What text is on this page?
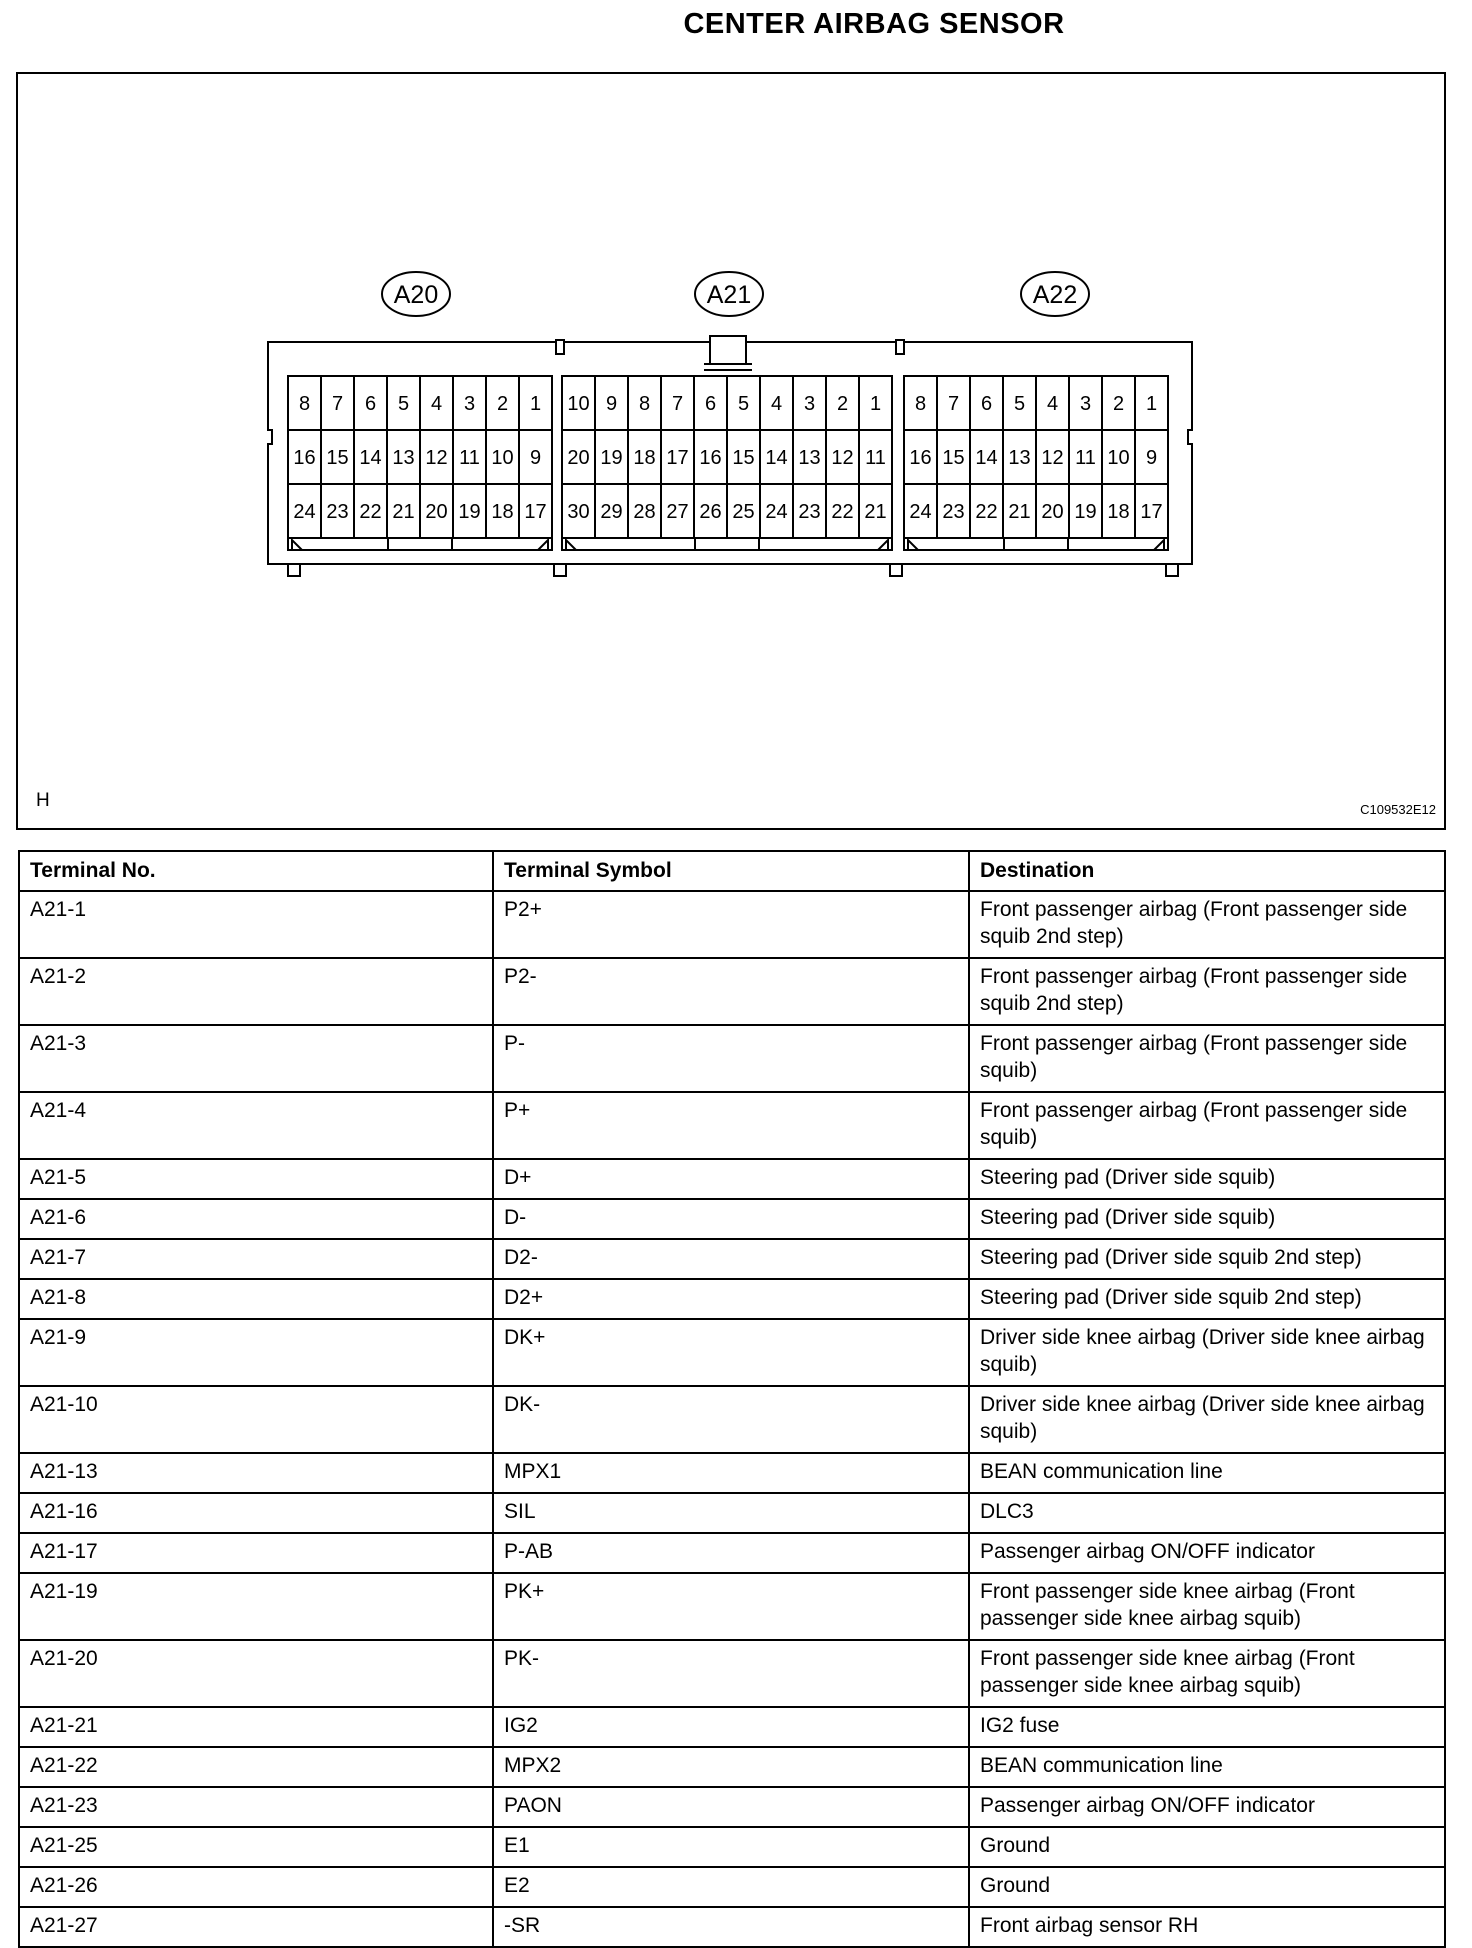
CENTER AIRBAG SENSOR
8 7 6 5 4 3 2 1
16 15 14 13 12 11 10 9
24 23 22 21 20 19 18 17
A20
10 9 8 7 6 5 4 3 2 1
20 19 18 17 16 15 14 13 12 11
30 29 28 27 26 25 24 23 22 21
A21
8 7 6 5 4 3 2 1
16 15 14 13 12 11 10 9
24 23 22 21 20 19 18 17
A22
H	C109532E12
Terminal No.	Terminal Symbol	Destination
A21-1	P2+	Front passenger airbag (Front passenger side squib 2nd step)
A21-2	P2-	Front passenger airbag (Front passenger side squib 2nd step)
A21-3	P-	Front passenger airbag (Front passenger side squib)
A21-4	P+	Front passenger airbag (Front passenger side squib)
A21-5	D+	Steering pad (Driver side squib)
A21-6	D-	Steering pad (Driver side squib)
A21-7	D2-	Steering pad (Driver side squib 2nd step)
A21-8	D2+	Steering pad (Driver side squib 2nd step)
A21-9	DK+	Driver side knee airbag (Driver side knee airbag squib)
A21-10	DK-	Driver side knee airbag (Driver side knee airbag squib)
A21-13	MPX1	BEAN communication line
A21-16	SIL	DLC3
A21-17	P-AB	Passenger airbag ON/OFF indicator
A21-19	PK+	Front passenger side knee airbag (Front passenger side knee airbag squib)
A21-20	PK-	Front passenger side knee airbag (Front passenger side knee airbag squib)
A21-21	IG2	IG2 fuse
A21-22	MPX2	BEAN communication line
A21-23	PAON	Passenger airbag ON/OFF indicator
A21-25	E1	Ground
A21-26	E2	Ground
A21-27	-SR	Front airbag sensor RH
